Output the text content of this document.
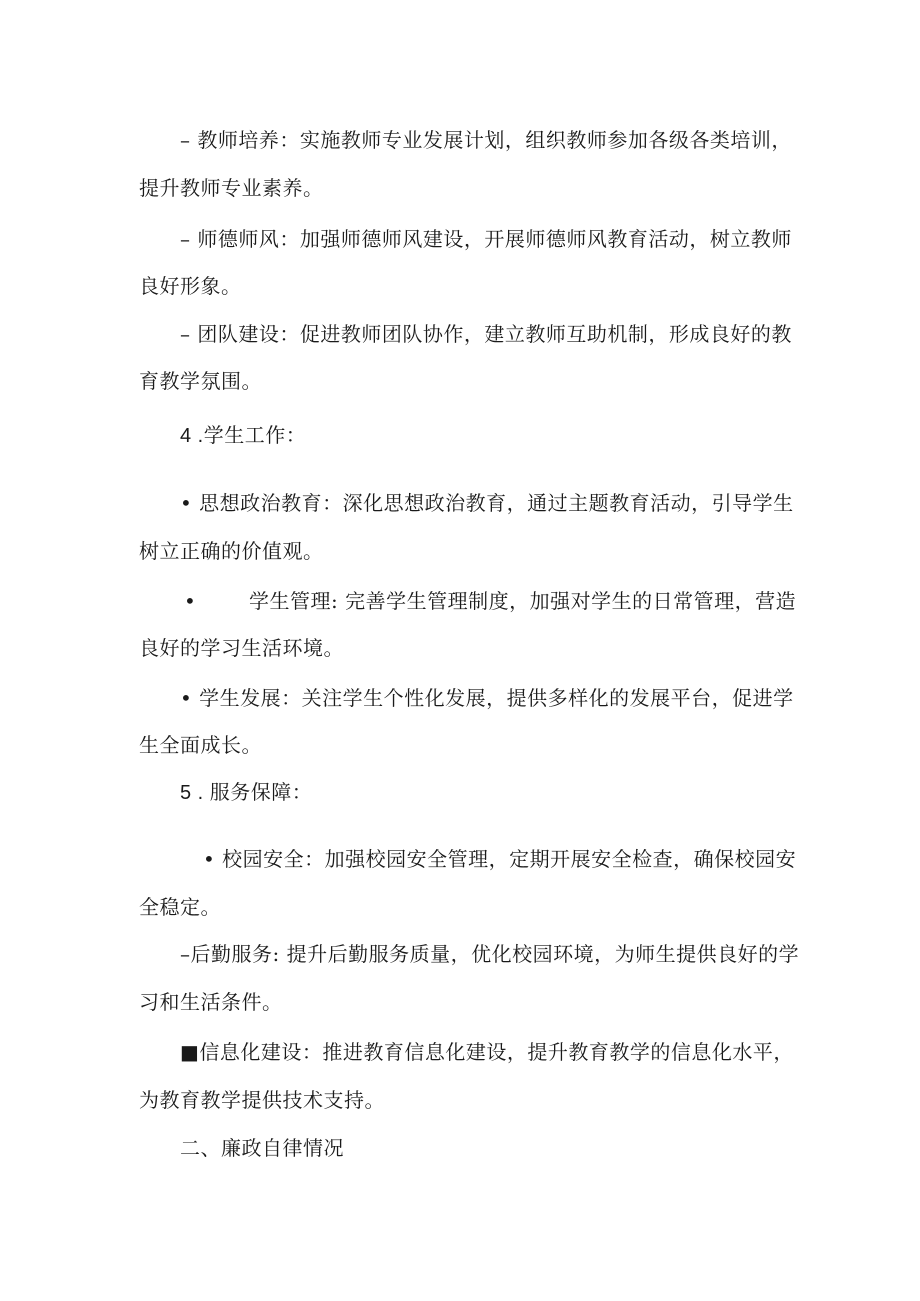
– 教师培养：实施教师专业发展计划，组织教师参加各级各类培训，
提升教师专业素养。
– 师德师风：加强师德师风建设，开展师德师风教育活动，树立教师
良好形象。
– 团队建设：促进教师团队协作，建立教师互助机制，形成良好的教
育教学氛围。
4 .学生工作：
• 思想政治教育：深化思想政治教育，通过主题教育活动，引导学生
树立正确的价值观。
•	学生管理: 完善学生管理制度，加强对学生的日常管理，营造
良好的学习生活环境。
• 学生发展：关注学生个性化发展，提供多样化的发展平台，促进学
生全面成长。
5 . 服务保障：
• 校园安全：加强校园安全管理，定期开展安全检查，确保校园安
全稳定。
–后勤服务: 提升后勤服务质量，优化校园环境，为师生提供良好的学
习和生活条件。
■信息化建设：推进教育信息化建设，提升教育教学的信息化水平，
为教育教学提供技术支持。
二、廉政自律情况
